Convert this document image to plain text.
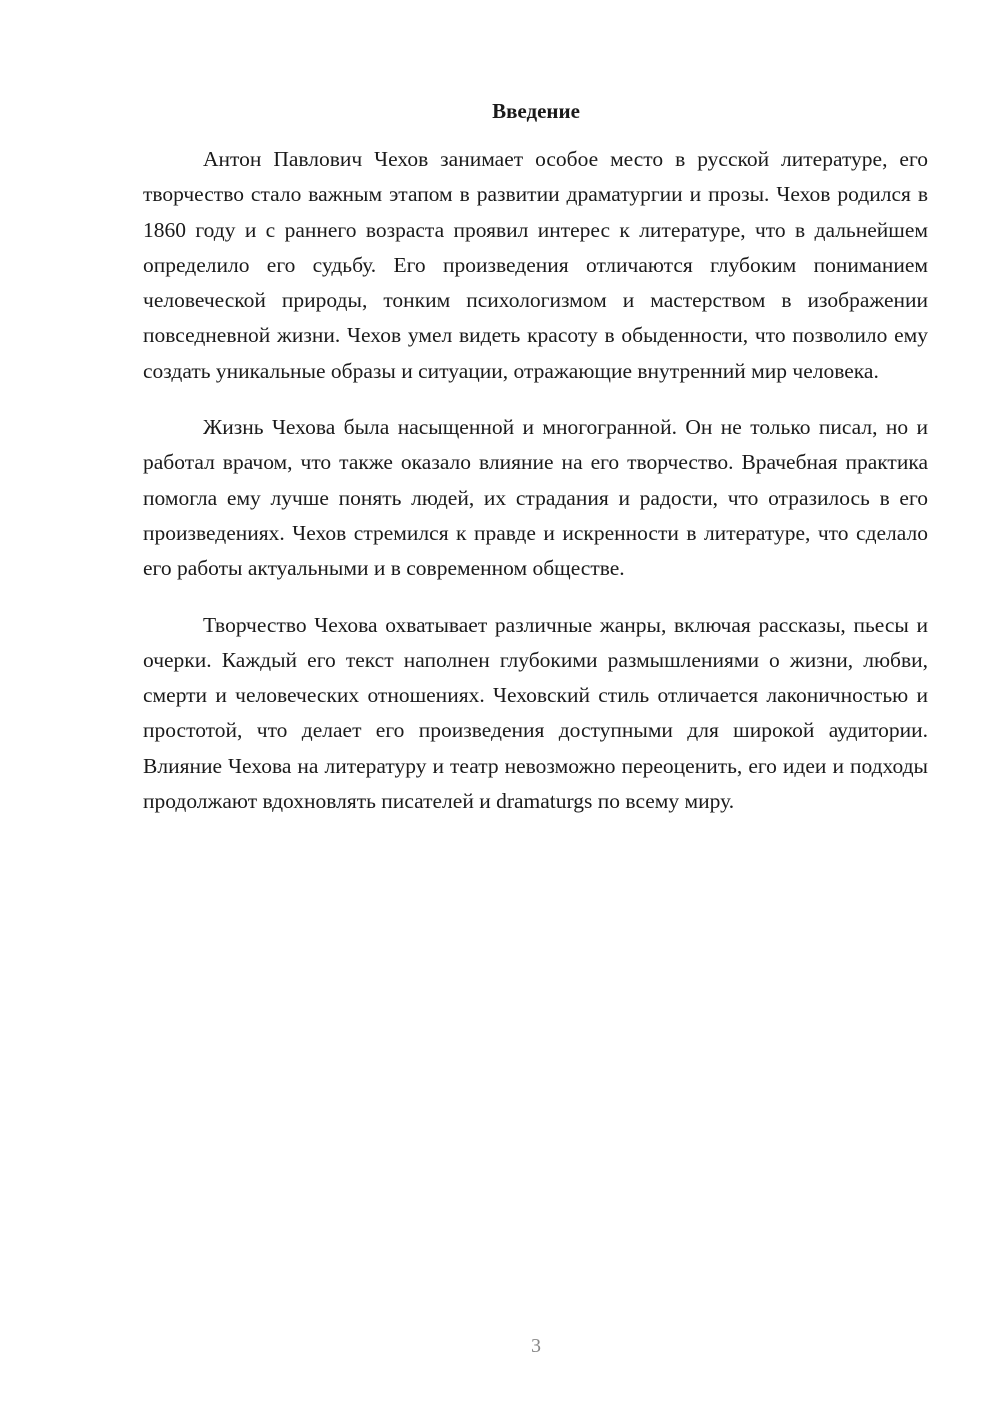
Введение

Антон Павлович Чехов занимает особое место в русской литературе, его творчество стало важным этапом в развитии драматургии и прозы. Чехов родился в 1860 году и с раннего возраста проявил интерес к литературе, что в дальнейшем определило его судьбу. Его произведения отличаются глубоким пониманием человеческой природы, тонким психологизмом и мастерством в изображении повседневной жизни. Чехов умел видеть красоту в обыденности, что позволило ему создать уникальные образы и ситуации, отражающие внутренний мир человека.

Жизнь Чехова была насыщенной и многогранной. Он не только писал, но и работал врачом, что также оказало влияние на его творчество. Врачебная практика помогла ему лучше понять людей, их страдания и радости, что отразилось в его произведениях. Чехов стремился к правде и искренности в литературе, что сделало его работы актуальными и в современном обществе.

Творчество Чехова охватывает различные жанры, включая рассказы, пьесы и очерки. Каждый его текст наполнен глубокими размышлениями о жизни, любви, смерти и человеческих отношениях. Чеховский стиль отличается лаконичностью и простотой, что делает его произведения доступными для широкой аудитории. Влияние Чехова на литературу и театр невозможно переоценить, его идеи и подходы продолжают вдохновлять писателей и dramaturgs по всему миру.

3
